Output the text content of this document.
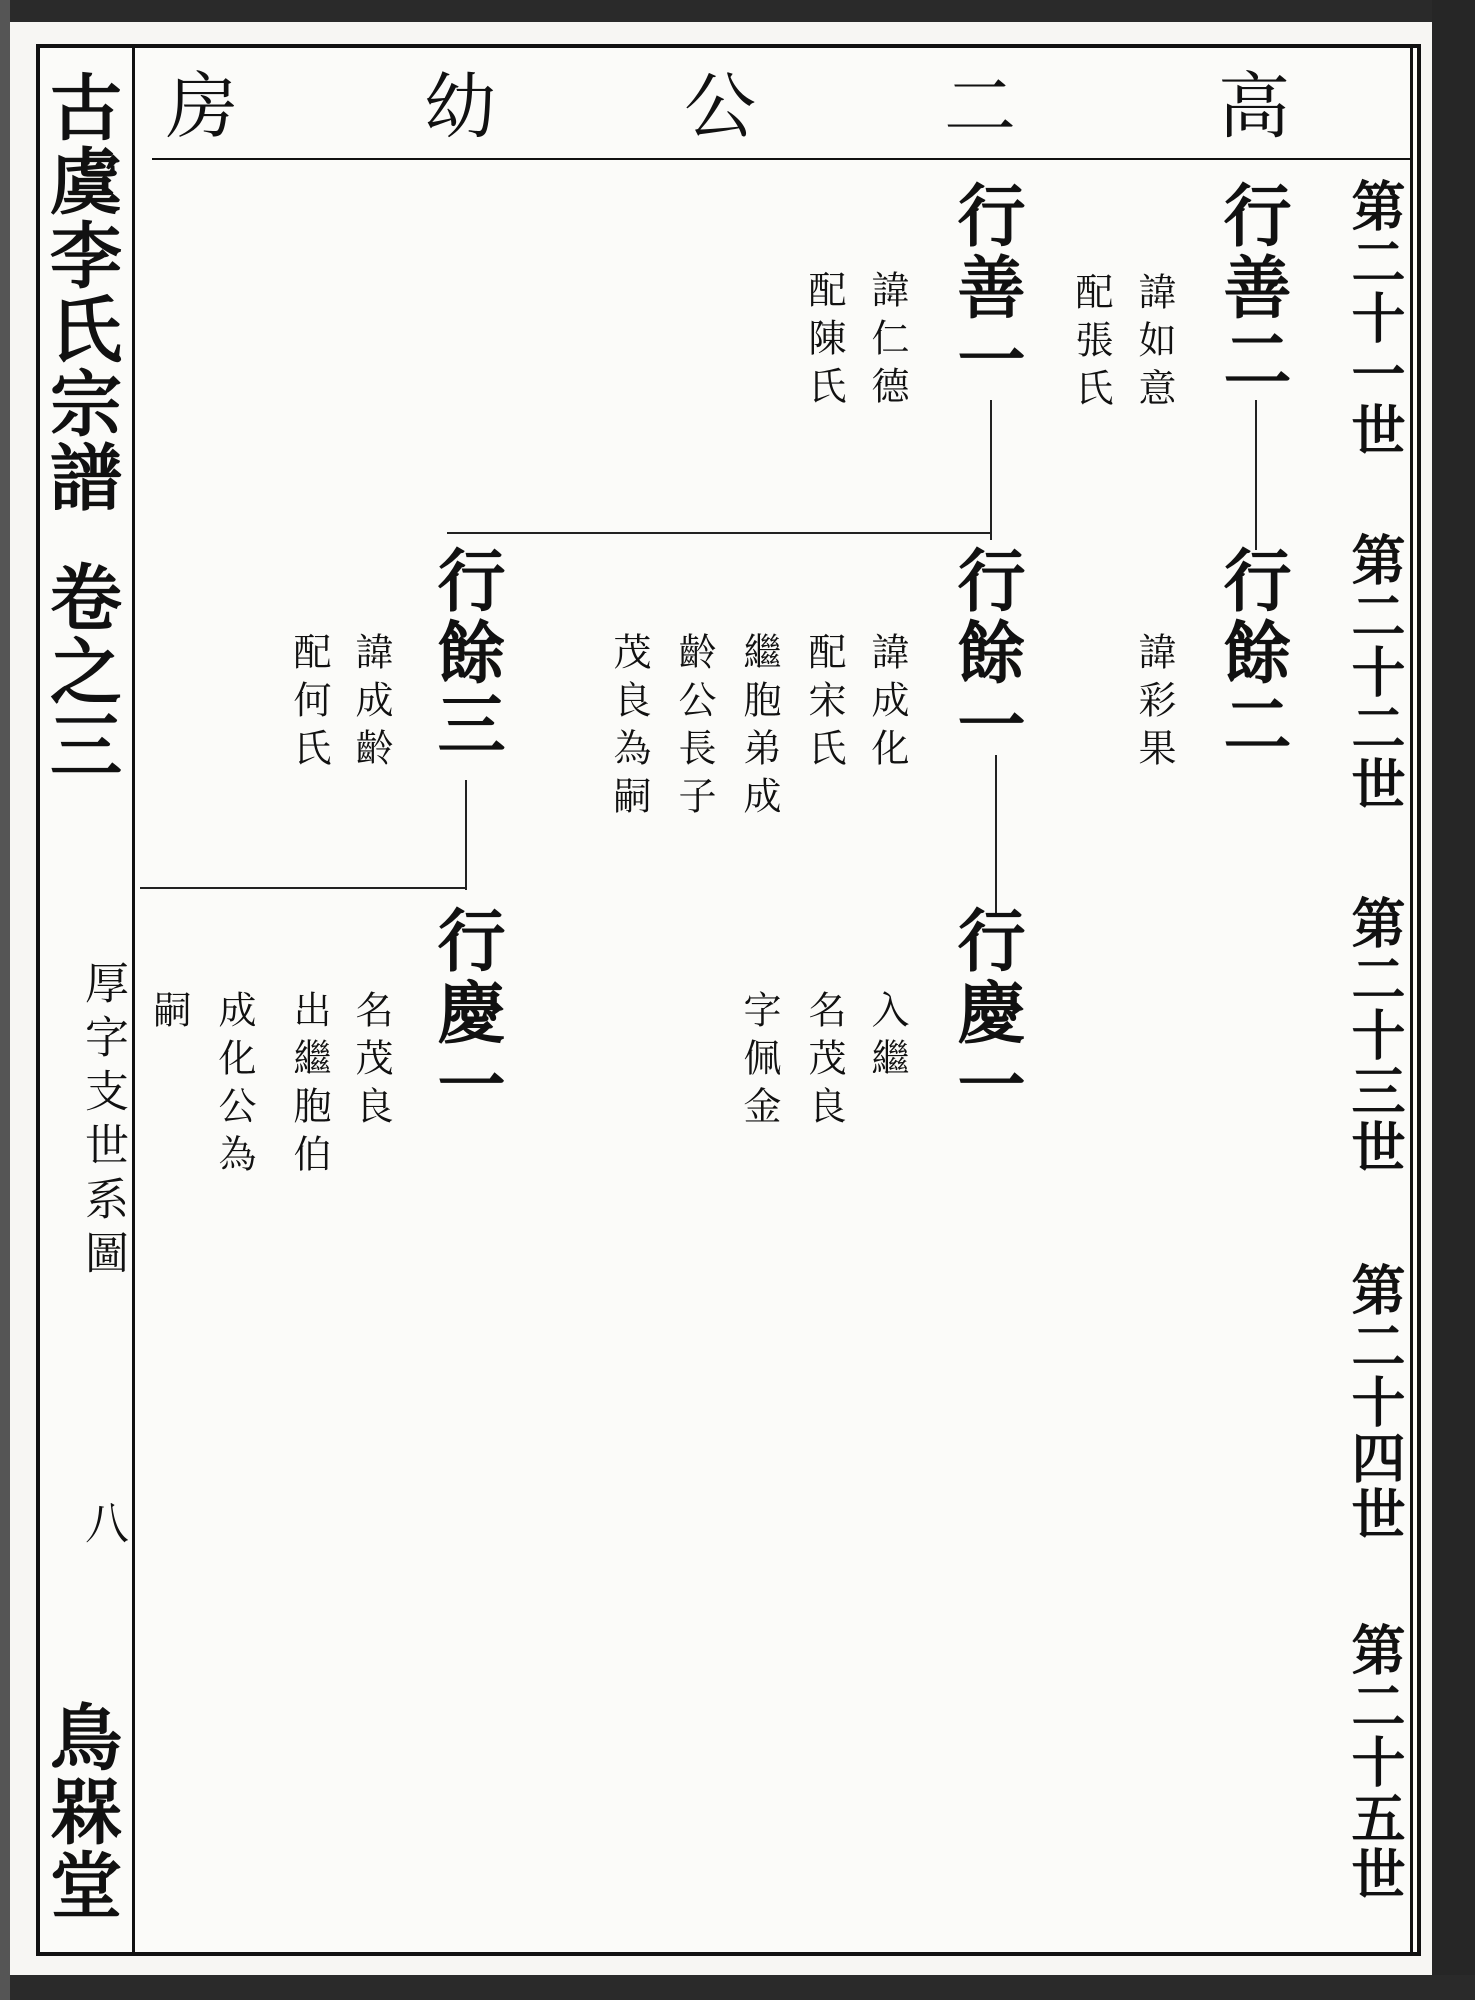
高
二
公
幼
房
第二十一世
第二十二世
第二十三世
第二十四世
第二十五世
古虞李氏宗譜
卷之三
厚字支世系圖
八
鳥槑堂
行善二
諱如意
配張氏
行善一
諱仁德
配陳氏
行餘二
諱彩果
行餘一
諱成化
配宋氏
繼胞弟成
齡公長子
茂良為嗣
行餘三
諱成齡
配何氏
行慶一
入繼
名茂良
字佩金
行慶一
名茂良
出繼胞伯
成化公為
嗣
